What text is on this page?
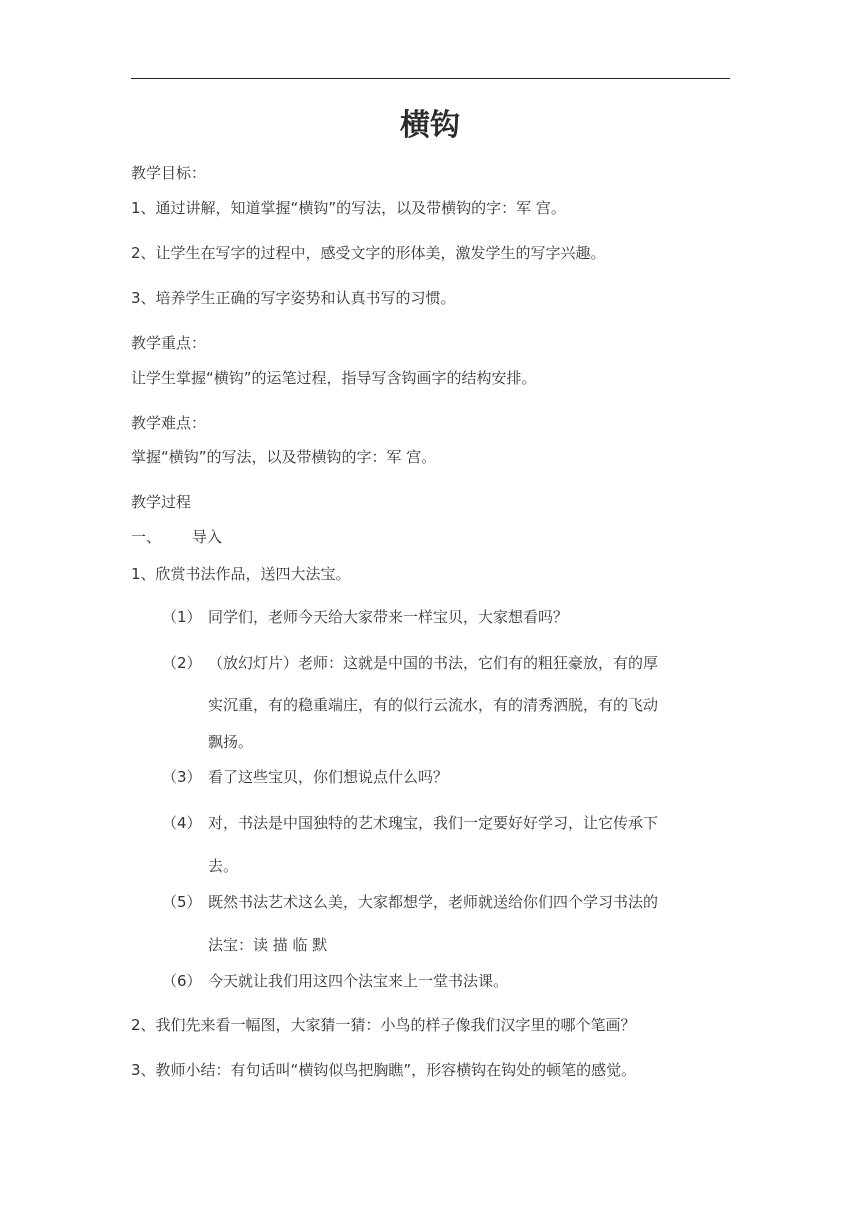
横钩
教学目标：
1、通过讲解，知道掌握“横钩”的写法，以及带横钩的字：军 宫。
2、让学生在写字的过程中，感受文字的形体美，激发学生的写字兴趣。
3、培养学生正确的写字姿势和认真书写的习惯。
教学重点：
让学生掌握“横钩”的运笔过程，指导写含钩画字的结构安排。
教学难点：
掌握“横钩”的写法，以及带横钩的字：军 宫。
教学过程
一、 导入
1、欣赏书法作品，送四大法宝。
（1） 同学们，老师今天给大家带来一样宝贝，大家想看吗？
（2） （放幻灯片）老师：这就是中国的书法，它们有的粗狂豪放，有的厚
实沉重，有的稳重端庄，有的似行云流水，有的清秀洒脱，有的飞动
飘扬。
（3） 看了这些宝贝，你们想说点什么吗？
（4） 对，书法是中国独特的艺术瑰宝，我们一定要好好学习，让它传承下
去。
（5） 既然书法艺术这么美，大家都想学，老师就送给你们四个学习书法的
法宝：读 描 临 默
（6） 今天就让我们用这四个法宝来上一堂书法课。
2、我们先来看一幅图，大家猜一猜：小鸟的样子像我们汉字里的哪个笔画？
3、教师小结：有句话叫“横钩似鸟把胸瞧”，形容横钩在钩处的顿笔的感觉。
